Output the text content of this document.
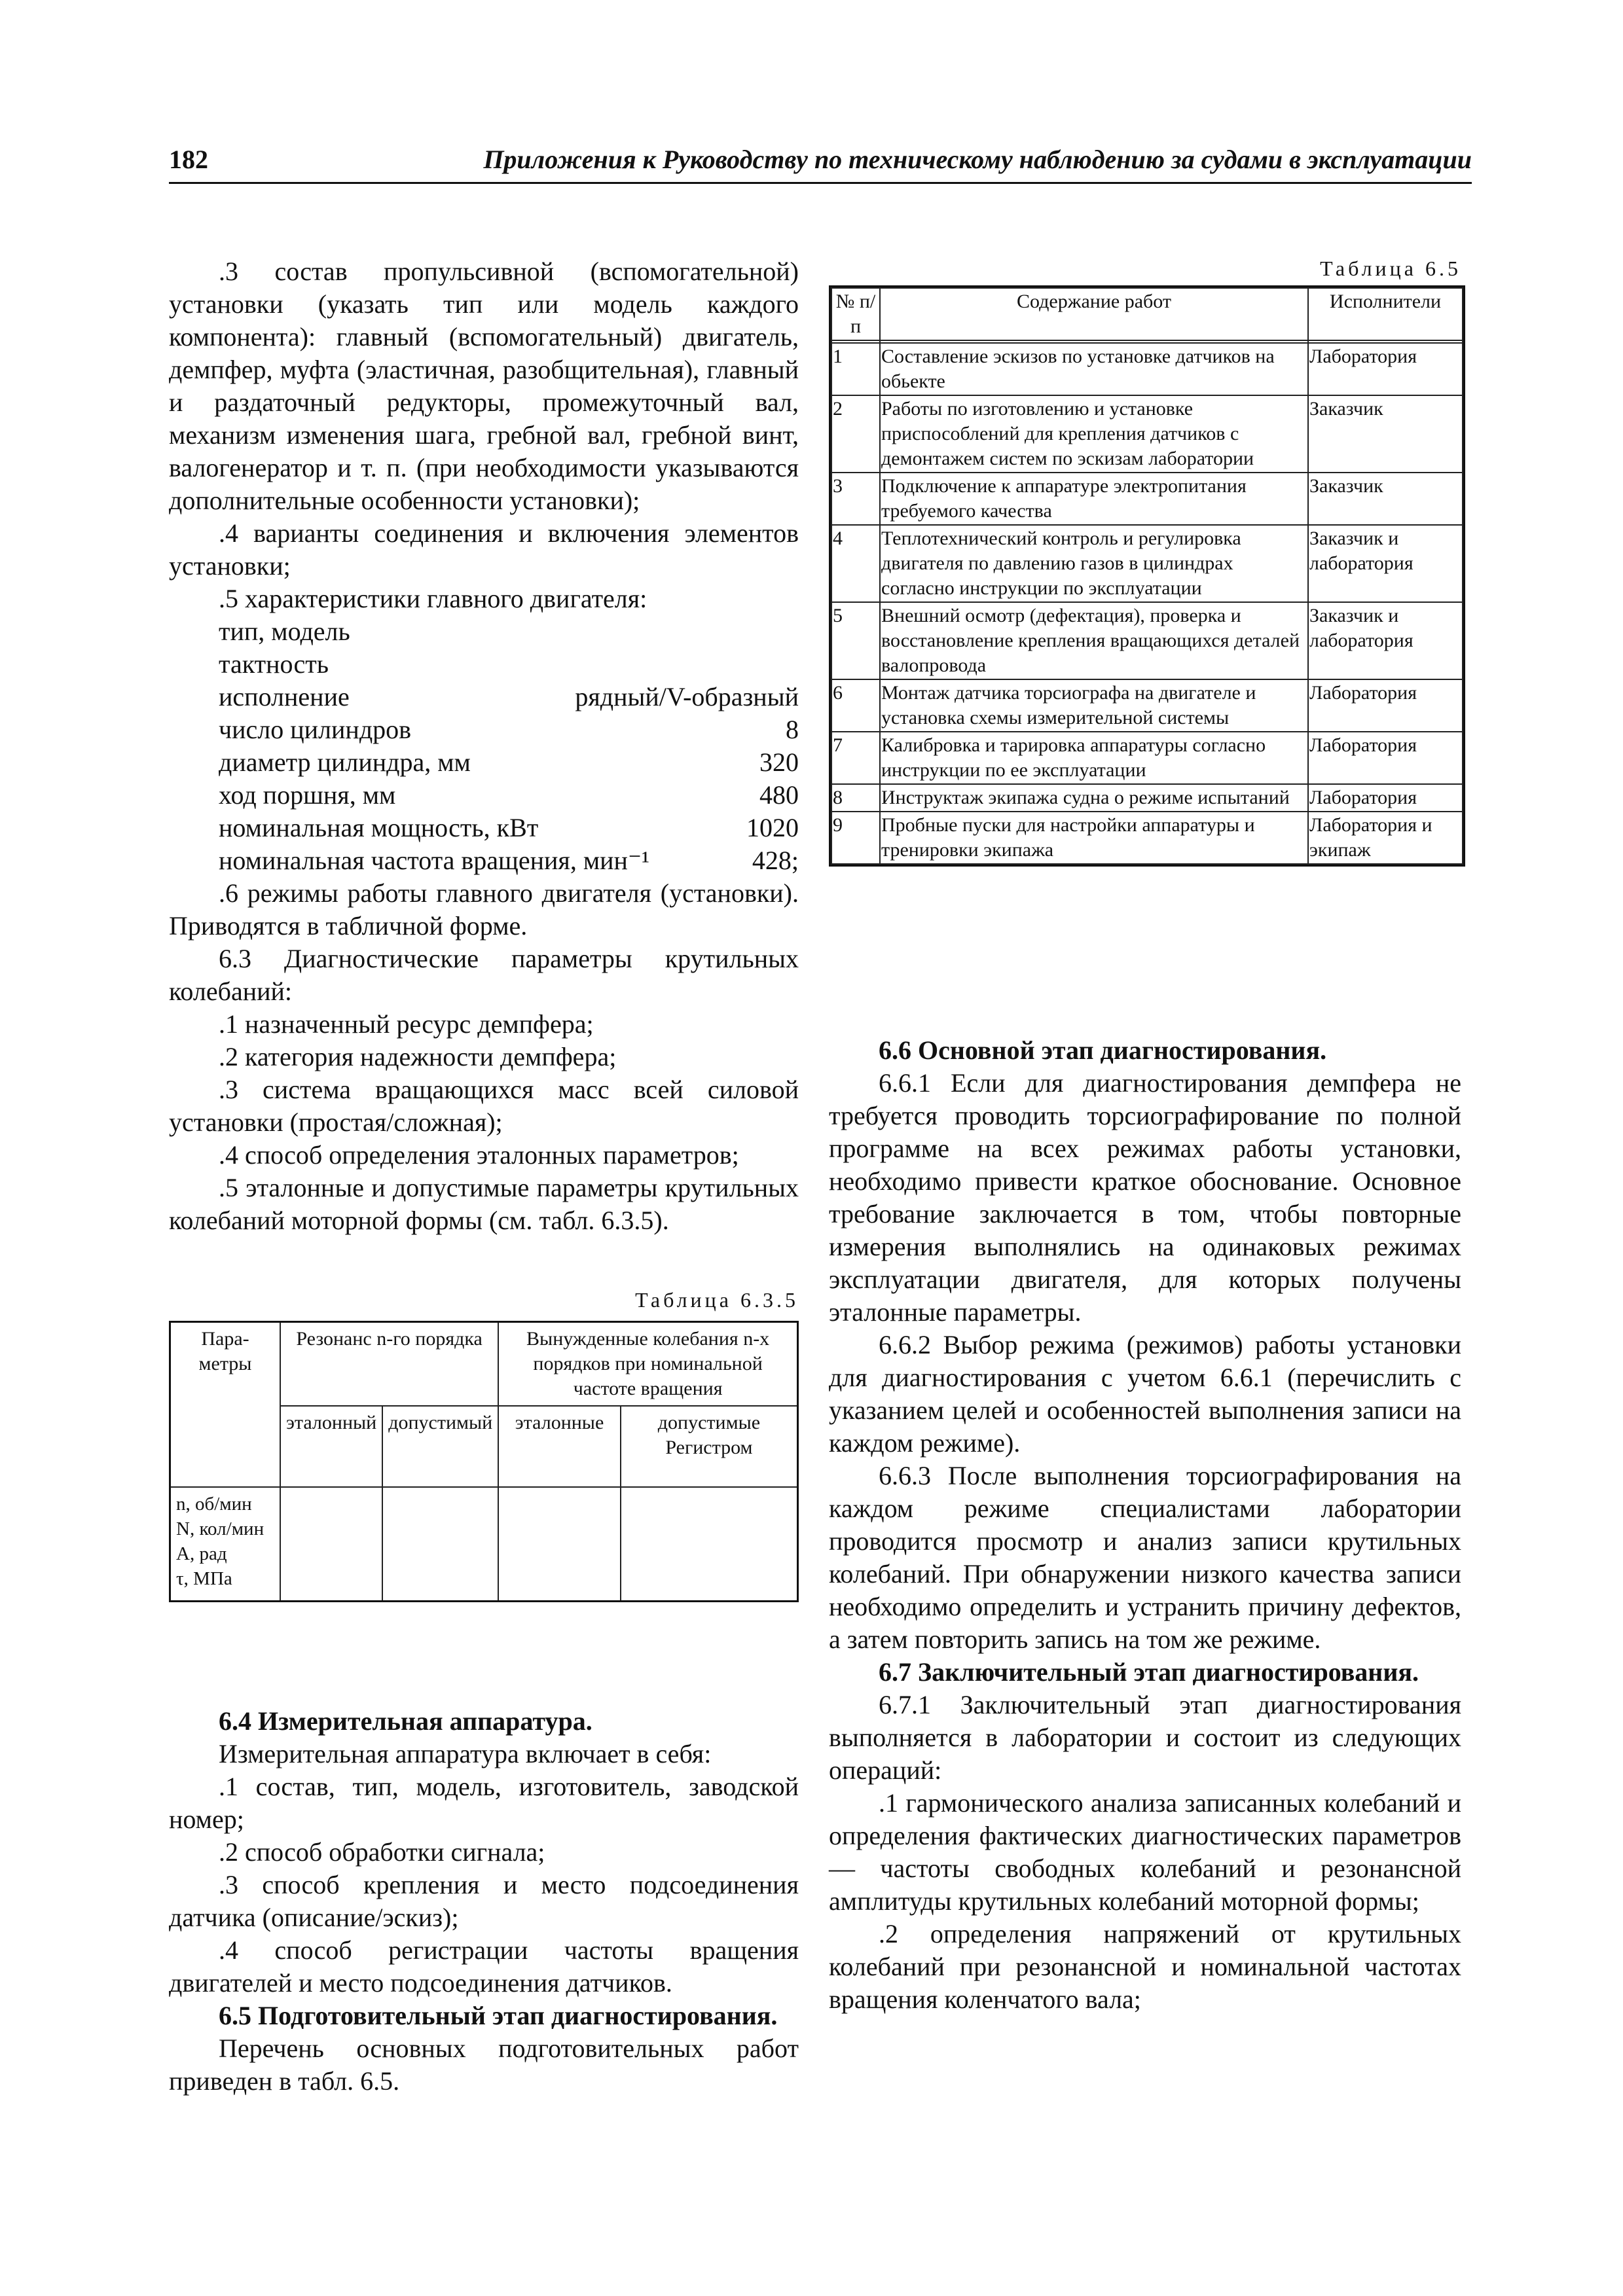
182	Приложения к Руководству по техническому наблюдению за судами в эксплуатации

.3 состав пропульсивной (вспомогательной) установки (указать тип или модель каждого компонента): главный (вспомогательный) двигатель, демпфер, муфта (эластичная, разобщительная), главный и раздаточный редукторы, промежуточный вал, механизм изменения шага, гребной вал, гребной винт, валогенератор и т. п. (при необходимости указываются дополнительные особенности установки);

.4 варианты соединения и включения элементов установки;

.5 характеристики главного двигателя:

тип, модель
тактность
исполнение	рядный/V-образный
число цилиндров	8
диаметр цилиндра, мм	320
ход поршня, мм	480
номинальная мощность, кВт	1020
номинальная частота вращения, мин⁻¹	428;

.6 режимы работы главного двигателя (установки). Приводятся в табличной форме.

6.3 Диагностические параметры крутильных колебаний:

.1 назначенный ресурс демпфера;

.2 категория надежности демпфера;

.3 система вращающихся масс всей силовой установки (простая/сложная);

.4 способ определения эталонных параметров;

.5 эталонные и допустимые параметры крутильных колебаний моторной формы (см. табл. 6.3.5).

Таблица 6.3.5
Пара-метры	Резонанс n-го порядка		Вынужденные колебания n-х порядков при номинальной частоте вращения	
	эталонный	допустимый	эталонные	допустимые Регистром

n, об/мин
N, кол/мин
A, рад
τ, МПа				

6.4 Измерительная аппаратура.

Измерительная аппаратура включает в себя:

.1 состав, тип, модель, изготовитель, заводской номер;

.2 способ обработки сигнала;

.3 способ крепления и место подсоединения датчика (описание/эскиз);

.4 способ регистрации частоты вращения двигателей и место подсоединения датчиков.

6.5 Подготовительный этап диагностирования.

Перечень основных подготовительных работ приведен в табл. 6.5.

Таблица 6.5
№ п/п	Содержание работ	Исполнители

1	Составление эскизов по установке датчиков на обьекте	Лаборатория
2	Работы по изготовлению и установке приспособлений для крепления датчиков с демонтажем систем по эскизам лаборатории	Заказчик
3	Подключение к аппаратуре электропитания требуемого качества	Заказчик
4	Теплотехнический контроль и регулировка двигателя по давлению газов в цилиндрах согласно инструкции по эксплуатации	Заказчик и лаборатория
5	Внешний осмотр (дефектация), проверка и восстановление крепления вращающихся деталей валопровода	Заказчик и лаборатория
6	Монтаж датчика торсиографа на двигателе и установка схемы измерительной системы	Лаборатория
7	Калибровка и тарировка аппаратуры согласно инструкции по ее эксплуатации	Лаборатория
8	Инструктаж экипажа судна о режиме испытаний	Лаборатория
9	Пробные пуски для настройки аппаратуры и тренировки экипажа	Лаборатория и экипаж

6.6 Основной этап диагностирования.

6.6.1 Если для диагностирования демпфера не требуется проводить торсиографирование по полной программе на всех режимах работы установки, необходимо привести краткое обоснование. Основное требование заключается в том, чтобы повторные измерения выполнялись на одинаковых режимах эксплуатации двигателя, для которых получены эталонные параметры.

6.6.2 Выбор режима (режимов) работы установки для диагностирования с учетом 6.6.1 (перечислить с указанием целей и особенностей выполнения записи на каждом режиме).

6.6.3 После выполнения торсиографирования на каждом режиме специалистами лаборатории проводится просмотр и анализ записи крутильных колебаний. При обнаружении низкого качества записи необходимо определить и устранить причину дефектов, а затем повторить запись на том же режиме.

6.7 Заключительный этап диагностирования.

6.7.1 Заключительный этап диагностирования выполняется в лаборатории и состоит из следующих операций:

.1 гармонического анализа записанных колебаний и определения фактических диагностических параметров — частоты свободных колебаний и резонансной амплитуды крутильных колебаний моторной формы;

.2 определения напряжений от крутильных колебаний при резонансной и номинальной частотах вращения коленчатого вала;
